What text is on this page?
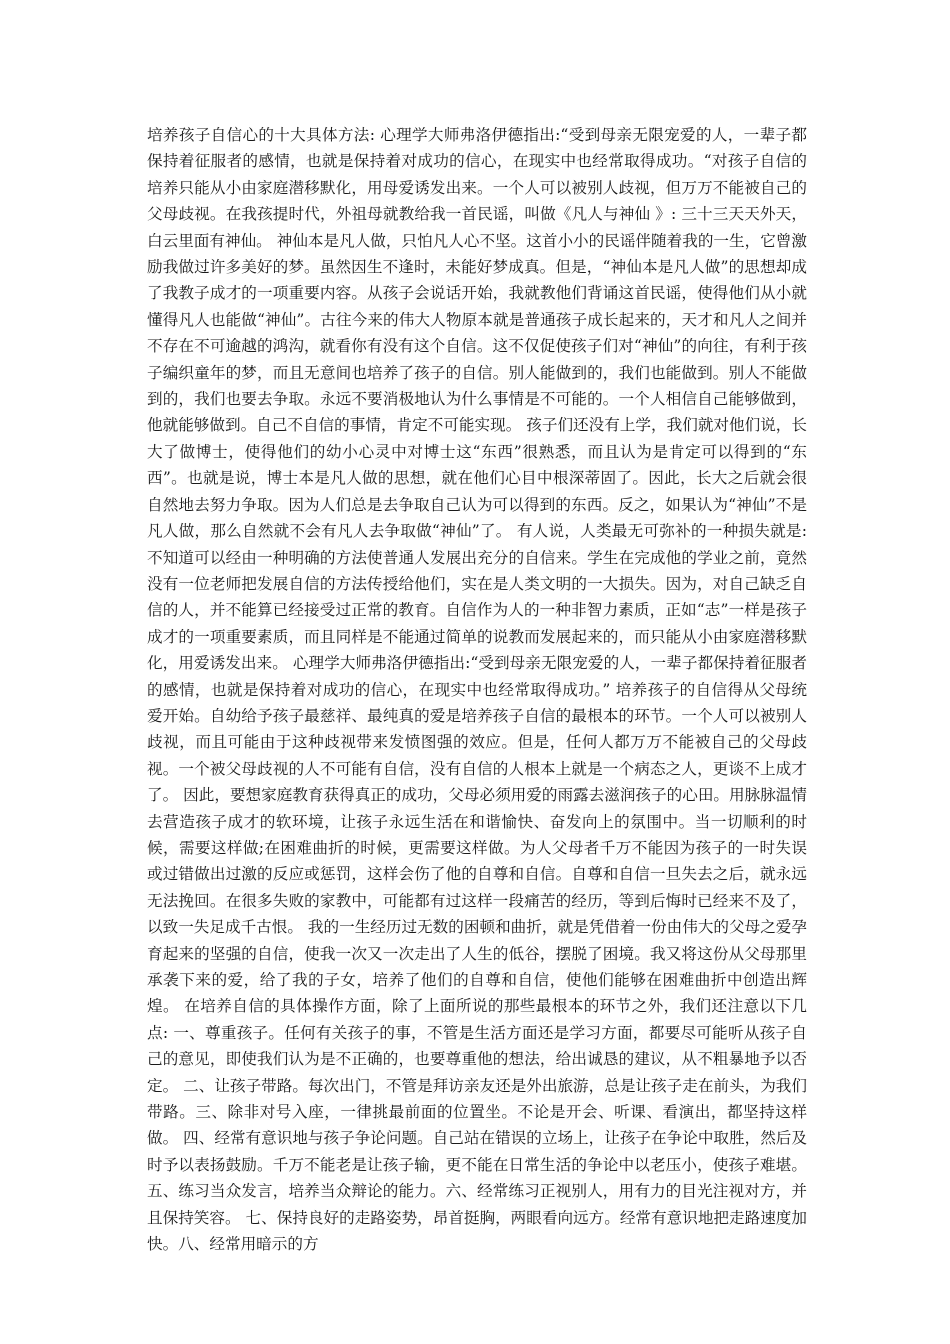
培养孩子自信心的十大具体方法: 心理学大师弗洛伊德指出:“受到母亲无限宠爱的人，一辈子都保持着征服者的感情，也就是保持着对成功的信心，在现实中也经常取得成功。“对孩子自信的培养只能从小由家庭潜移默化，用母爱诱发出来。一个人可以被别人歧视，但万万不能被自己的父母歧视。在我孩提时代，外祖母就教给我一首民谣，叫做《凡人与神仙 》: 三十三天天外天，白云里面有神仙。 神仙本是凡人做，只怕凡人心不坚。这首小小的民谣伴随着我的一生，它曾激励我做过许多美好的梦。虽然因生不逢时，未能好梦成真。但是，“神仙本是凡人做”的思想却成了我教子成才的一项重要内容。从孩子会说话开始，我就教他们背诵这首民谣，使得他们从小就懂得凡人也能做“神仙”。古往今来的伟大人物原本就是普通孩子成长起来的，天才和凡人之间并不存在不可逾越的鸿沟，就看你有没有这个自信。这不仅促使孩子们对“神仙”的向往，有利于孩子编织童年的梦，而且无意间也培养了孩子的自信。别人能做到的，我们也能做到。别人不能做到的，我们也要去争取。永远不要消极地认为什么事情是不可能的。一个人相信自己能够做到，他就能够做到。自己不自信的事情，肯定不可能实现。 孩子们还没有上学，我们就对他们说，长大了做博士，使得他们的幼小心灵中对博士这“东西”很熟悉，而且认为是肯定可以得到的“东西”。也就是说，博士本是凡人做的思想，就在他们心目中根深蒂固了。因此，长大之后就会很自然地去努力争取。因为人们总是去争取自己认为可以得到的东西。反之，如果认为“神仙”不是凡人做，那么自然就不会有凡人去争取做“神仙”了。 有人说，人类最无可弥补的一种损失就是:不知道可以经由一种明确的方法使普通人发展出充分的自信来。学生在完成他的学业之前，竟然没有一位老师把发展自信的方法传授给他们，实在是人类文明的一大损失。因为，对自己缺乏自信的人，并不能算已经接受过正常的教育。自信作为人的一种非智力素质，正如“志”一样是孩子成才的一项重要素质，而且同样是不能通过简单的说教而发展起来的，而只能从小由家庭潜移默化，用爱诱发出来。 心理学大师弗洛伊德指出:“受到母亲无限宠爱的人，一辈子都保持着征服者的感情，也就是保持着对成功的信心，在现实中也经常取得成功。” 培养孩子的自信得从父母统爱开始。自幼给予孩子最慈祥、最纯真的爱是培养孩子自信的最根本的环节。一个人可以被别人歧视，而且可能由于这种歧视带来发愤图强的效应。但是，任何人都万万不能被自己的父母歧视。一个被父母歧视的人不可能有自信，没有自信的人根本上就是一个病态之人，更谈不上成才了。 因此，要想家庭教育获得真正的成功，父母必须用爱的雨露去滋润孩子的心田。用脉脉温情去营造孩子成才的软环境，让孩子永远生活在和谐愉快、奋发向上的氛围中。当一切顺利的时候，需要这样做;在困难曲折的时候，更需要这样做。为人父母者千万不能因为孩子的一时失误或过错做出过激的反应或惩罚，这样会伤了他的自尊和自信。自尊和自信一旦失去之后，就永远无法挽回。在很多失败的家教中，可能都有过这样一段痛苦的经历，等到后悔时已经来不及了，以致一失足成千古恨。 我的一生经历过无数的困顿和曲折，就是凭借着一份由伟大的父母之爱孕育起来的坚强的自信，使我一次又一次走出了人生的低谷，摆脱了困境。我又将这份从父母那里承袭下来的爱，给了我的子女，培养了他们的自尊和自信，使他们能够在困难曲折中创造出辉煌。 在培养自信的具体操作方面，除了上面所说的那些最根本的环节之外，我们还注意以下几点: 一、尊重孩子。任何有关孩子的事，不管是生活方面还是学习方面，都要尽可能听从孩子自己的意见，即使我们认为是不正确的，也要尊重他的想法，给出诚恳的建议，从不粗暴地予以否定。 二、让孩子带路。每次出门，不管是拜访亲友还是外出旅游，总是让孩子走在前头，为我们带路。三、除非对号入座，一律挑最前面的位置坐。不论是开会、听课、看演出，都坚持这样做。 四、经常有意识地与孩子争论问题。自己站在错误的立场上，让孩子在争论中取胜，然后及时予以表扬鼓励。千万不能老是让孩子输，更不能在日常生活的争论中以老压小，使孩子难堪。 五、练习当众发言，培养当众辩论的能力。六、经常练习正视别人，用有力的目光注视对方，并且保持笑容。 七、保持良好的走路姿势，昂首挺胸，两眼看向远方。经常有意识地把走路速度加快。八、经常用暗示的方
